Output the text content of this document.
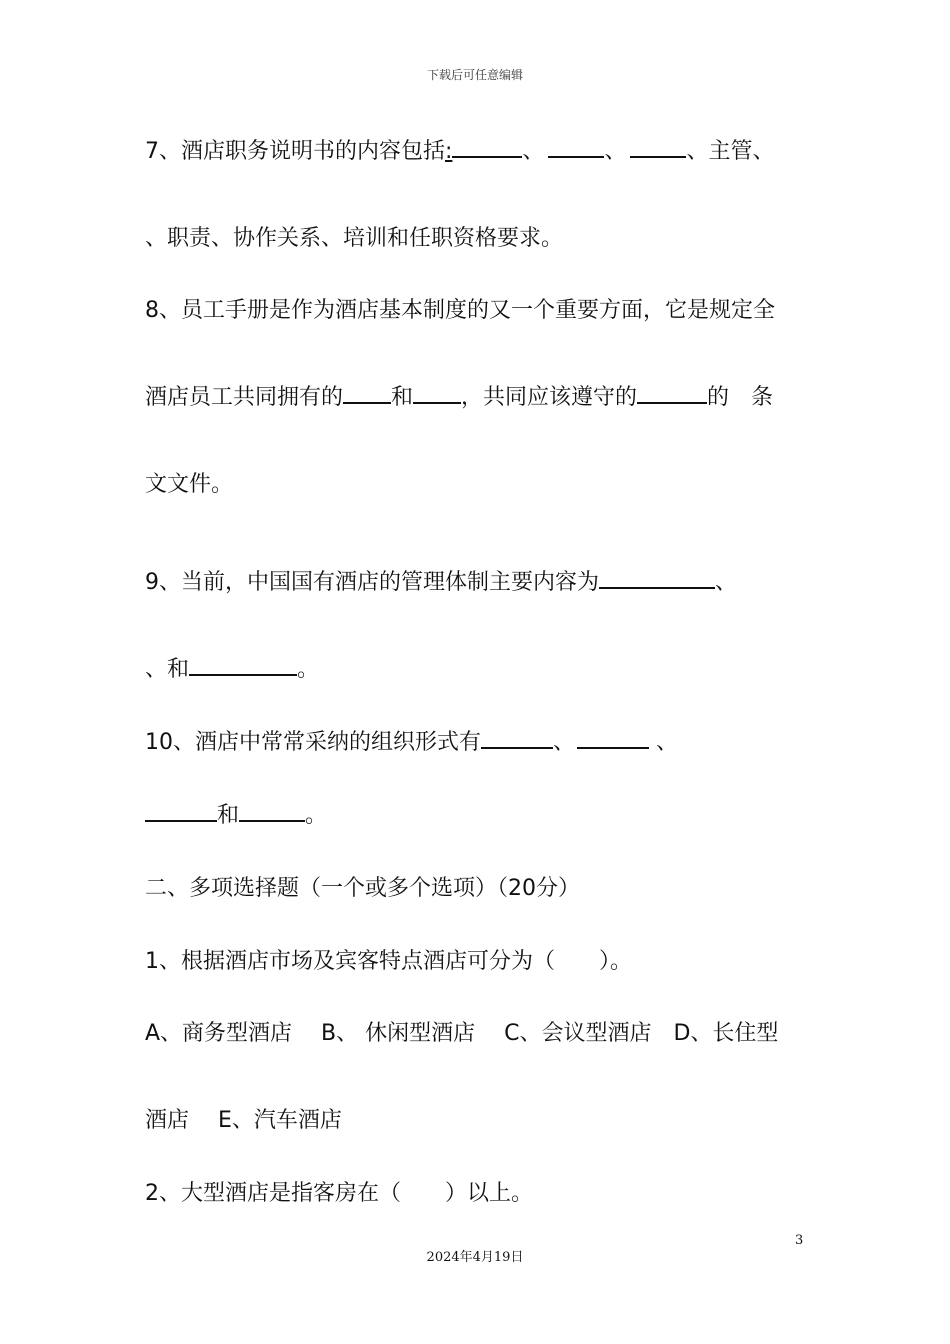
下载后可任意编辑
7、酒店职务说明书的内容包括:	、	、	、主管、
、职责、协作关系、培训和任职资格要求。
8、员工手册是作为酒店基本制度的又一个重要方面，它是规定全
酒店员工共同拥有的 和 ，共同应该遵守的	的　条
文文件。
9、当前，中国国有酒店的管理体制主要内容为	、
、和	。
10、酒店中常常采纳的组织形式有	、	、
和	。
二、多项选择题（一个或多个选项）（20分）
1、根据酒店市场及宾客特点酒店可分为（　　）。
A、商务型酒店　 B、 休闲型酒店　 C、会议型酒店　D、长住型
酒店　 E、汽车酒店
2、大型酒店是指客房在（　　）以上。
3
2024年4月19日
